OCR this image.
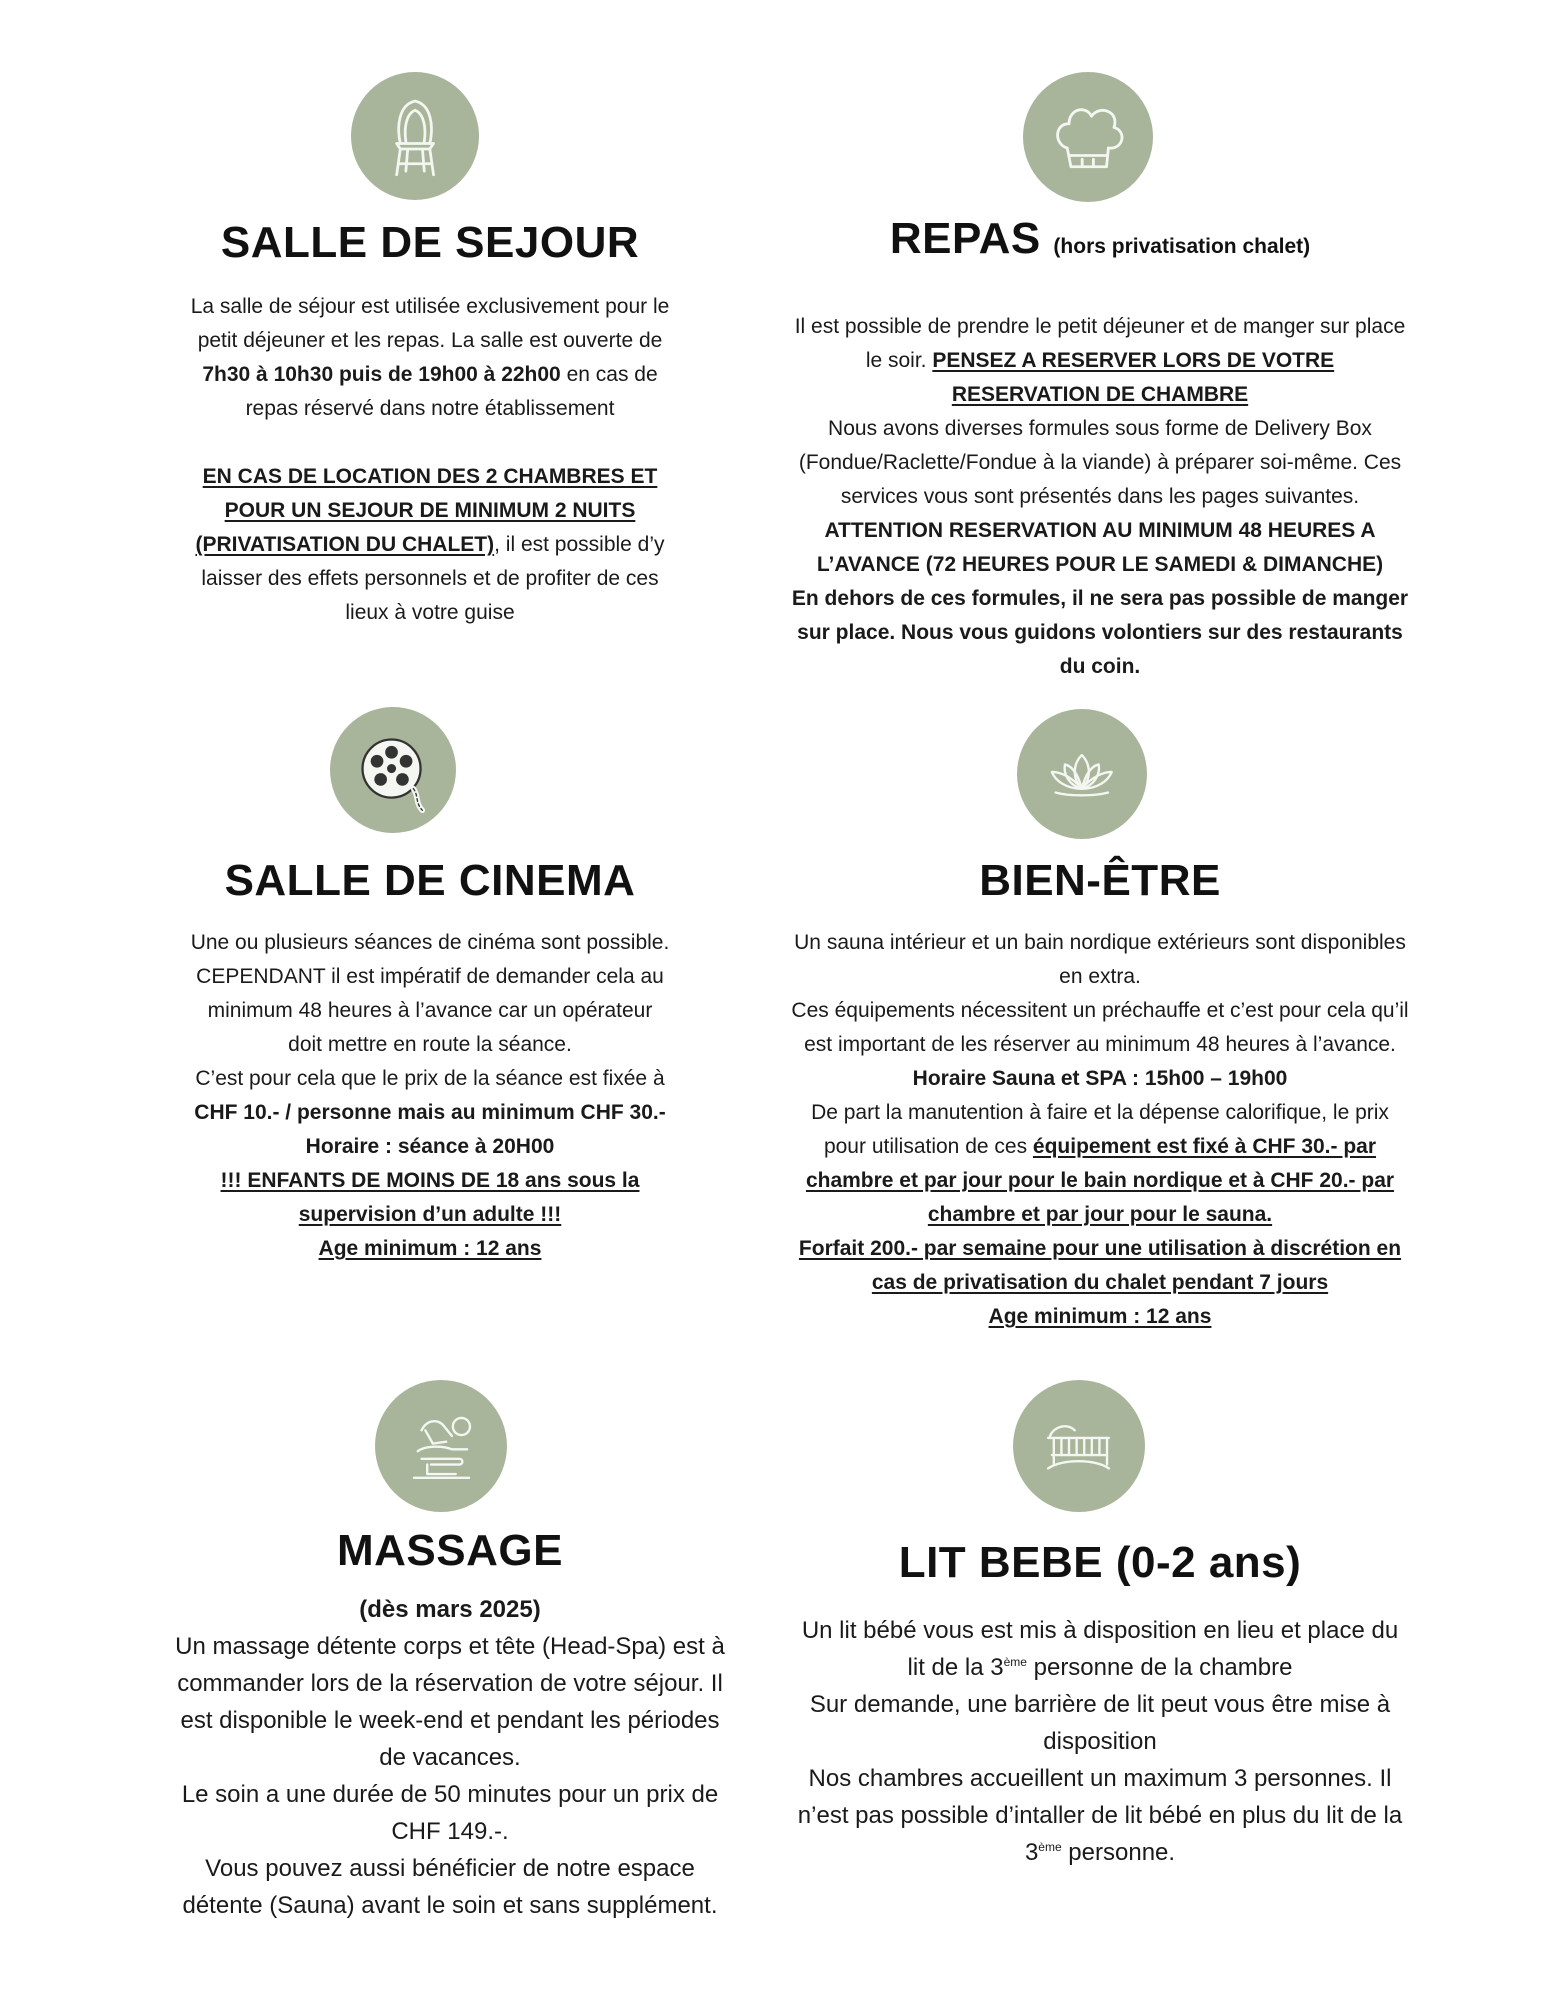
SALLE DE SEJOUR

La salle de séjour est utilisée exclusivement pour le petit déjeuner et les repas. La salle est ouverte de 7h30 à 10h30 puis de 19h00 à 22h00 en cas de repas réservé dans notre établissement

EN CAS DE LOCATION DES 2 CHAMBRES ET POUR UN SEJOUR DE MINIMUM 2 NUITS (PRIVATISATION DU CHALET), il est possible d’y laisser des effets personnels et de profiter de ces lieux à votre guise

REPAS (hors privatisation chalet)

Il est possible de prendre le petit déjeuner et de manger sur place le soir. PENSEZ A RESERVER LORS DE VOTRE RESERVATION DE CHAMBRE

Nous avons diverses formules sous forme de Delivery Box (Fondue/Raclette/Fondue à la viande) à préparer soi-même. Ces services vous sont présentés dans les pages suivantes.

ATTENTION RESERVATION AU MINIMUM 48 HEURES A L’AVANCE (72 HEURES POUR LE SAMEDI & DIMANCHE)

En dehors de ces formules, il ne sera pas possible de manger sur place. Nous vous guidons volontiers sur des restaurants du coin.

SALLE DE CINEMA

Une ou plusieurs séances de cinéma sont possible. CEPENDANT il est impératif de demander cela au minimum 48 heures à l’avance car un opérateur doit mettre en route la séance.

C’est pour cela que le prix de la séance est fixée à CHF 10.- / personne mais au minimum CHF 30.-

Horaire : séance à 20H00

!!! ENFANTS DE MOINS DE 18 ans sous la supervision d’un adulte !!!

Age minimum : 12 ans

BIEN-ÊTRE

Un sauna intérieur et un bain nordique extérieurs sont disponibles en extra.

Ces équipements nécessitent un préchauffe et c’est pour cela qu’il est important de les réserver au minimum 48 heures à l’avance.

Horaire Sauna et SPA : 15h00 – 19h00

De part la manutention à faire et la dépense calorifique, le prix pour utilisation de ces équipement est fixé à CHF 30.- par chambre et par jour pour le bain nordique et à CHF 20.- par chambre et par jour pour le sauna.

Forfait 200.- par semaine pour une utilisation à discrétion en cas de privatisation du chalet pendant 7 jours

Age minimum : 12 ans

MASSAGE

(dès mars 2025)

Un massage détente corps et tête (Head-Spa) est à commander lors de la réservation de votre séjour. Il est disponible le week-end et pendant les périodes de vacances.

Le soin a une durée de 50 minutes pour un prix de CHF 149.-.

Vous pouvez aussi bénéficier de notre espace détente (Sauna) avant le soin et sans supplément.

LIT BEBE (0-2 ans)

Un lit bébé vous est mis à disposition en lieu et place du lit de la 3ème personne de la chambre

Sur demande, une barrière de lit peut vous être mise à disposition

Nos chambres accueillent un maximum 3 personnes. Il n’est pas possible d’intaller de lit bébé en plus du lit de la 3ème personne.
